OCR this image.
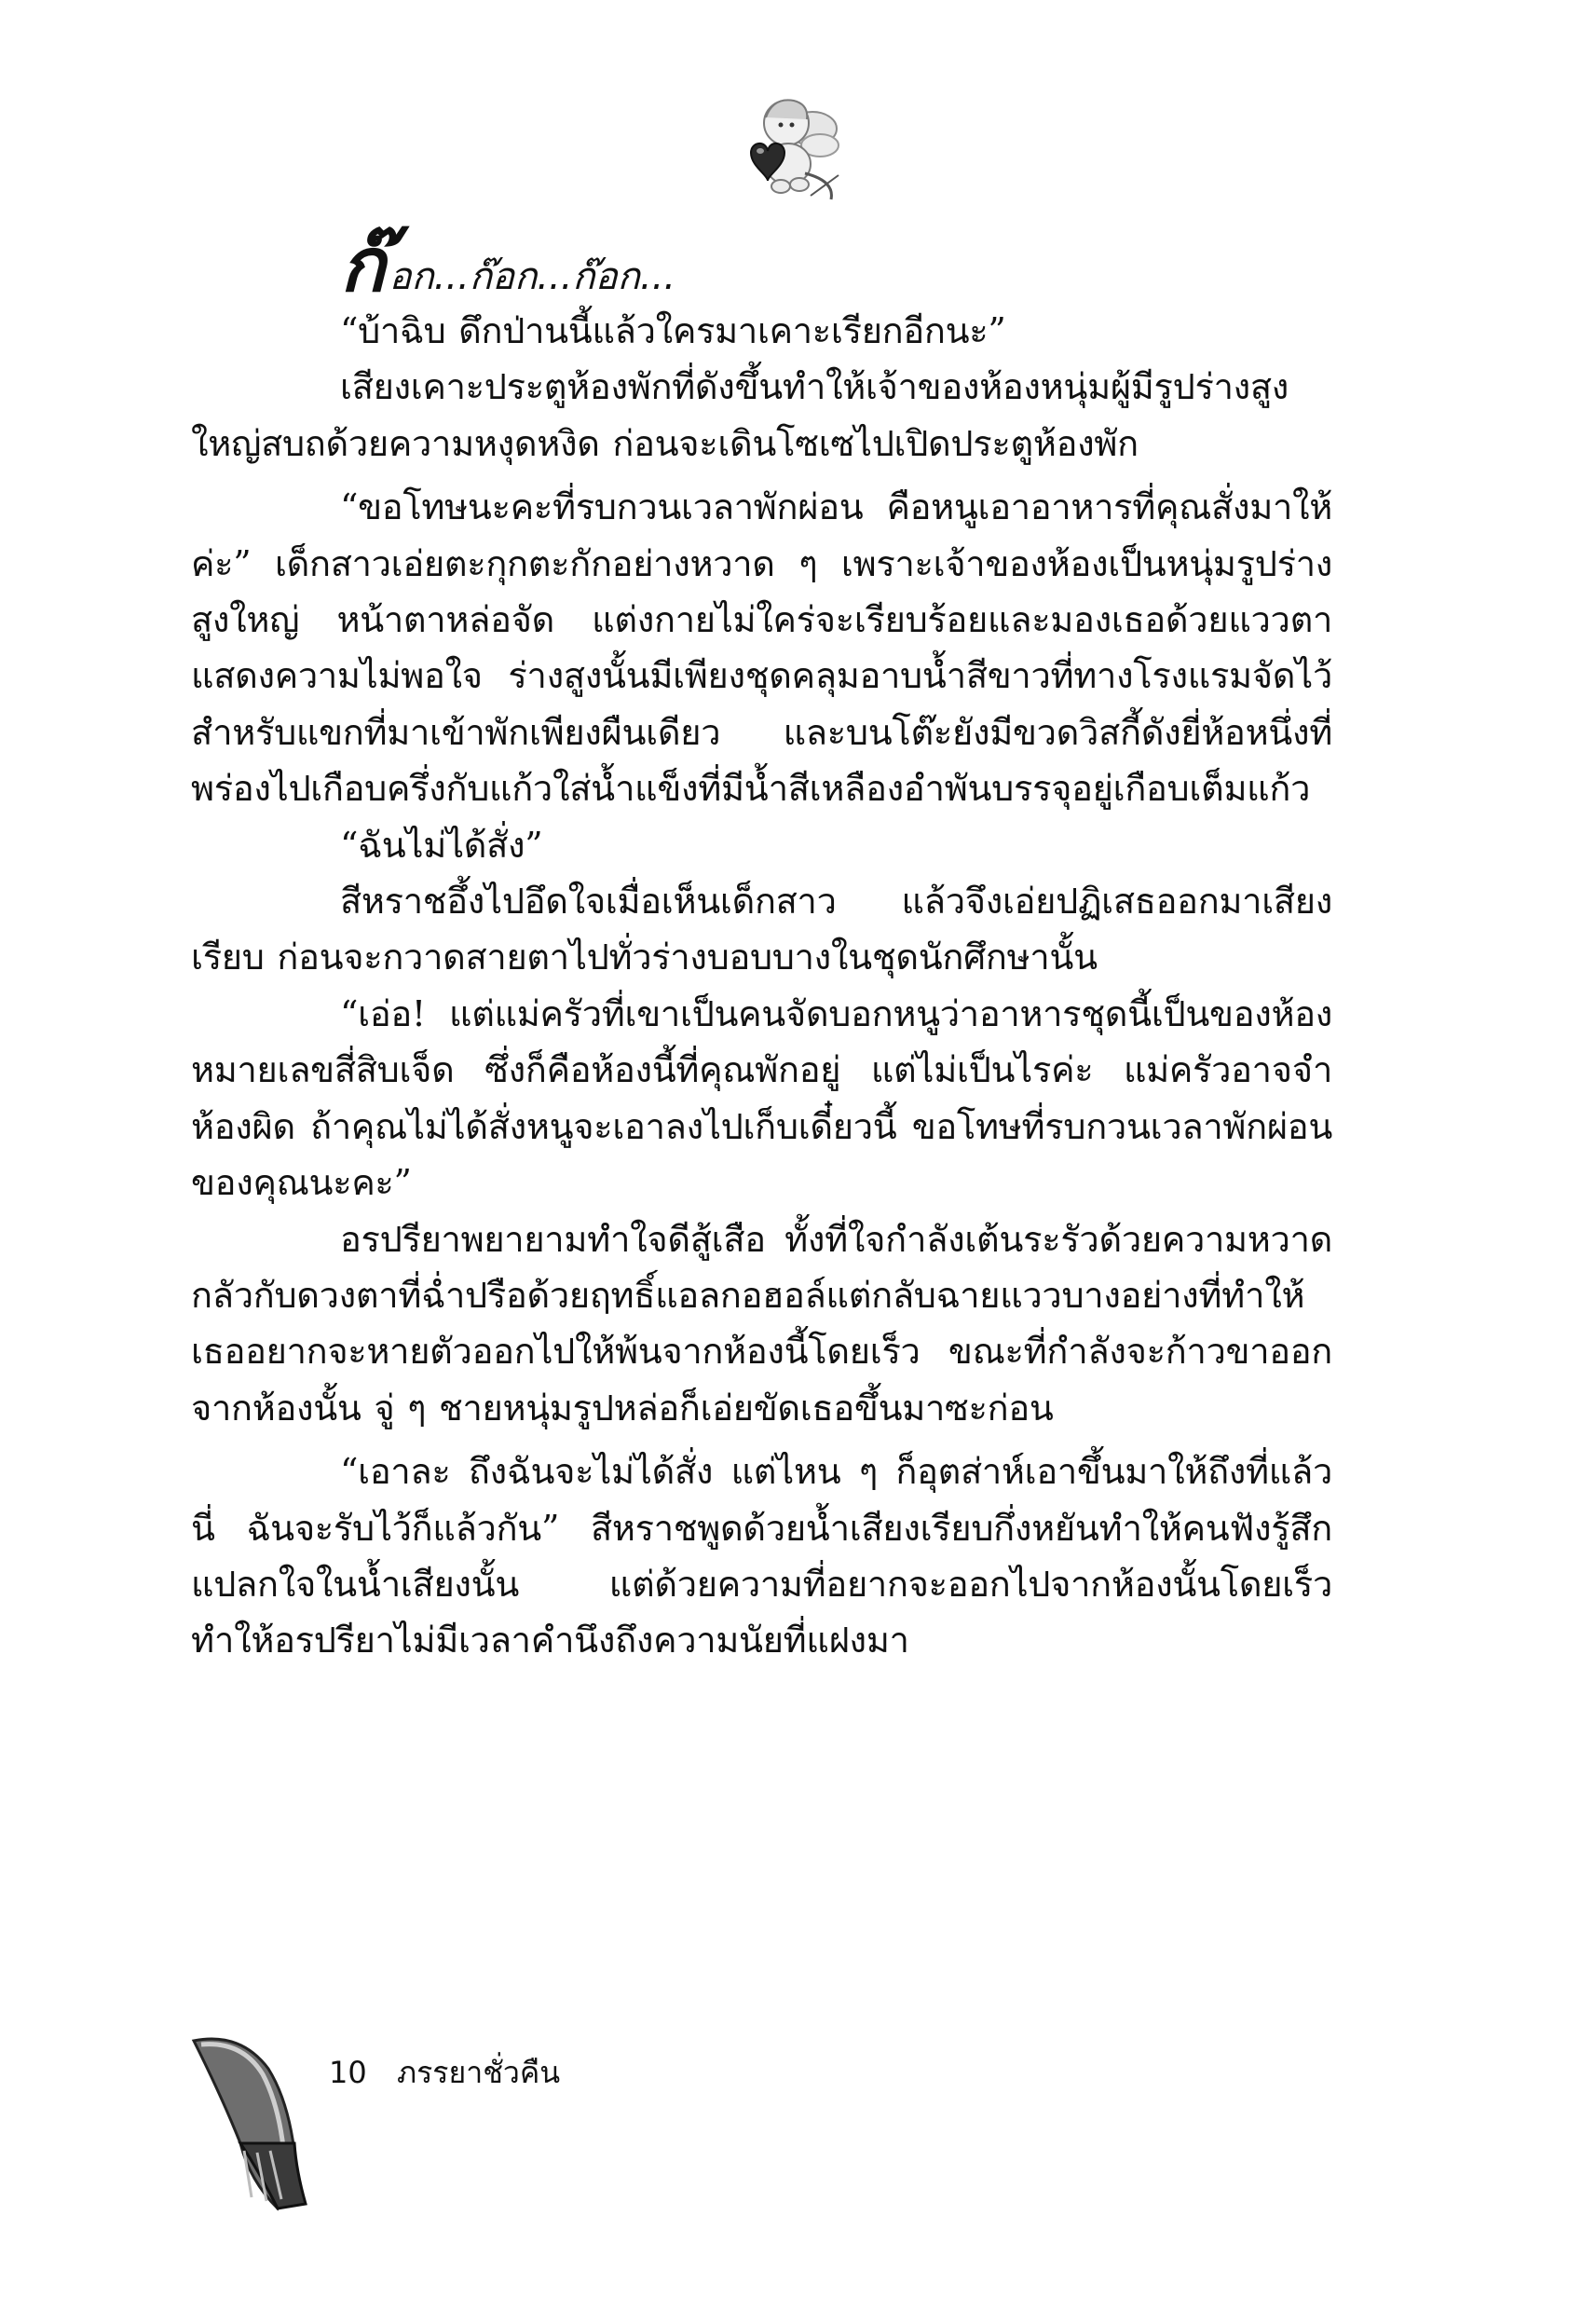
ก๊ อก...ก๊อก...ก๊อก...

“บ้าฉิบ ดึกป่านนี้แล้วใครมาเคาะเรียกอีกนะ”

เสียงเคาะประตูห้องพักที่ดังขึ้นทำให้เจ้าของห้องหนุ่มผู้มีรูปร่างสูงใหญ่สบถด้วยความหงุดหงิด ก่อนจะเดินโซเซไปเปิดประตูห้องพัก

“ขอโทษนะคะที่รบกวนเวลาพักผ่อน คือหนูเอาอาหารที่คุณสั่งมาให้ค่ะ” เด็กสาวเอ่ยตะกุกตะกักอย่างหวาด ๆ เพราะเจ้าของห้องเป็นหนุ่มรูปร่างสูงใหญ่ หน้าตาหล่อจัด แต่งกายไม่ใคร่จะเรียบร้อยและมองเธอด้วยแววตาแสดงความไม่พอใจ ร่างสูงนั้นมีเพียงชุดคลุมอาบน้ำสีขาวที่ทางโรงแรมจัดไว้สำหรับแขกที่มาเข้าพักเพียงผืนเดียว และบนโต๊ะยังมีขวดวิสกี้ดังยี่ห้อหนึ่งที่พร่องไปเกือบครึ่งกับแก้วใส่น้ำแข็งที่มีน้ำสีเหลืองอำพันบรรจุอยู่เกือบเต็มแก้ว

“ฉันไม่ได้สั่ง”

สีหราชอึ้งไปอึดใจเมื่อเห็นเด็กสาว แล้วจึงเอ่ยปฏิเสธออกมาเสียงเรียบ ก่อนจะกวาดสายตาไปทั่วร่างบอบบางในชุดนักศึกษานั้น

“เอ่อ! แต่แม่ครัวที่เขาเป็นคนจัดบอกหนูว่าอาหารชุดนี้เป็นของห้องหมายเลขสี่สิบเจ็ด ซึ่งก็คือห้องนี้ที่คุณพักอยู่ แต่ไม่เป็นไรค่ะ แม่ครัวอาจจำห้องผิด ถ้าคุณไม่ได้สั่งหนูจะเอาลงไปเก็บเดี๋ยวนี้ ขอโทษที่รบกวนเวลาพักผ่อนของคุณนะคะ”

อรปรียาพยายามทำใจดีสู้เสือ ทั้งที่ใจกำลังเต้นระรัวด้วยความหวาดกลัวกับดวงตาที่ฉ่ำปรือด้วยฤทธิ์แอลกอฮอล์แต่กลับฉายแววบางอย่างที่ทำให้เธออยากจะหายตัวออกไปให้พ้นจากห้องนี้โดยเร็ว ขณะที่กำลังจะก้าวขาออกจากห้องนั้น จู่ ๆ ชายหนุ่มรูปหล่อก็เอ่ยขัดเธอขึ้นมาซะก่อน

“เอาละ ถึงฉันจะไม่ได้สั่ง แต่ไหน ๆ ก็อุตส่าห์เอาขึ้นมาให้ถึงที่แล้วนี่ ฉันจะรับไว้ก็แล้วกัน” สีหราชพูดด้วยน้ำเสียงเรียบกึ่งหยันทำให้คนฟังรู้สึกแปลกใจในน้ำเสียงนั้น แต่ด้วยความที่อยากจะออกไปจากห้องนั้นโดยเร็วทำให้อรปรียาไม่มีเวลาคำนึงถึงความนัยที่แฝงมา

10 ภรรยาชั่วคืน
